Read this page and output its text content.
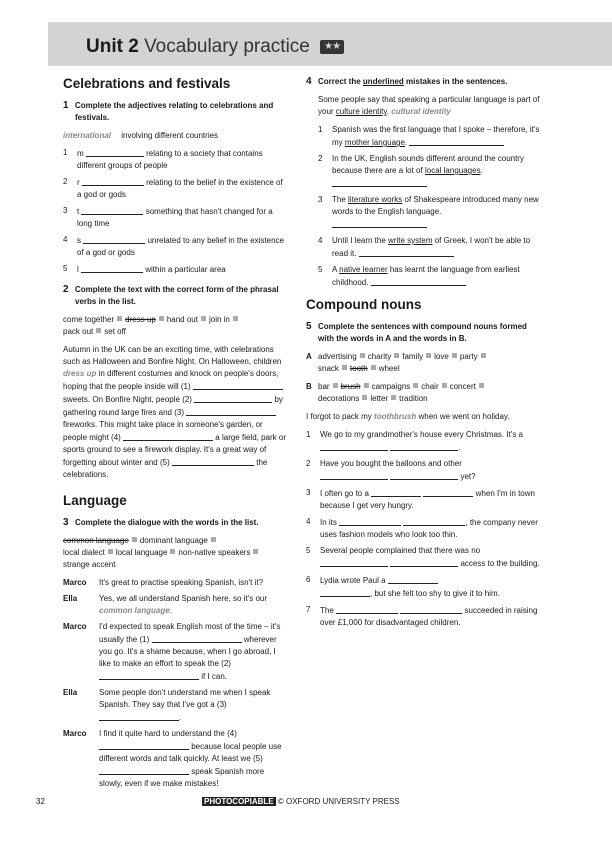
Unit 2 Vocabulary practice ★★
Celebrations and festivals
1 Complete the adjectives relating to celebrations and festivals.
international involving different countries
1 m	relating to a society that contains different groups of people
2 r	relating to the belief in the existence of a god or gods
3 t	something that hasn't changed for a long time
4 s	unrelated to any belief in the existence of a god or gods
5 l	within a particular area
2 Complete the text with the correct form of the phrasal verbs in the list.
come together dress up hand out join in
pack out set off

Autumn in the UK can be an exciting time, with celebrations such as Halloween and Bonfire Night. On Halloween, children dress up in different costumes and knock on people's doors, hoping that the people inside will (1)  sweets. On Bonfire Night, people (2)	by gathering round large fires and (3)  fireworks. This might take place in someone's garden, or people might (4)	a large field, park or sports ground to see a firework display. It's a great way of forgetting about winter and (5)	the celebrations.

Language
3 Complete the dialogue with the words in the list.
common language dominant language
local dialect local language non-native speakers
strange accent
Marco It's great to practise speaking Spanish, isn't it?
Ella	Yes, we all understand Spanish here, so it's our common language.
Marco I'd expected to speak English most of the time – it's usually the (1)	wherever you go. It's a shame because, when I go abroad, I like to make an effort to speak the (2)  if I can.
Ella	Some people don't understand me when I speak Spanish. They say that I've got a (3) .
Marco I find it quite hard to understand the (4)  because local people use different words and talk quickly. At least we (5)  speak Spanish more slowly, even if we make mistakes!
4 Correct the underlined mistakes in the sentences.

Some people say that speaking a particular language is part of your culture identity. cultural identity

1 Spanish was the first language that I spoke – therefore, it's my mother language.
2 In the UK, English sounds different around the country because there are a lot of local languages.

3 The literature works of Shakespeare introduced many new words to the English language.

4 Until I learn the write system of Greek, I won't be able to read it.
5 A native learner has learnt the language from earliest childhood.
Compound nouns
5 Complete the sentences with compound nouns formed with the words in A and the words in B.
A advertising charity family love party
snack tooth wheel
B bar brush campaigns chair concert
decorations letter tradition

I forgot to pack my toothbrush when we went on holiday.

1 We go to my grandmother's house every Christmas. It's a  .
2 Have you bought the balloons and other
yet?
3 I often go to a	when I'm in town because I get very hungry.
4 In its	, the company never uses fashion models who look too thin.
5 Several people complained that there was no
access to the building.
6 Lydia wrote Paul a
, but she felt too shy to give it to him.
7 The	succeeded in raising over £1,000 for disadvantaged children.
32	PHOTOCOPIABLE © OXFORD UNIVERSITY PRESS
